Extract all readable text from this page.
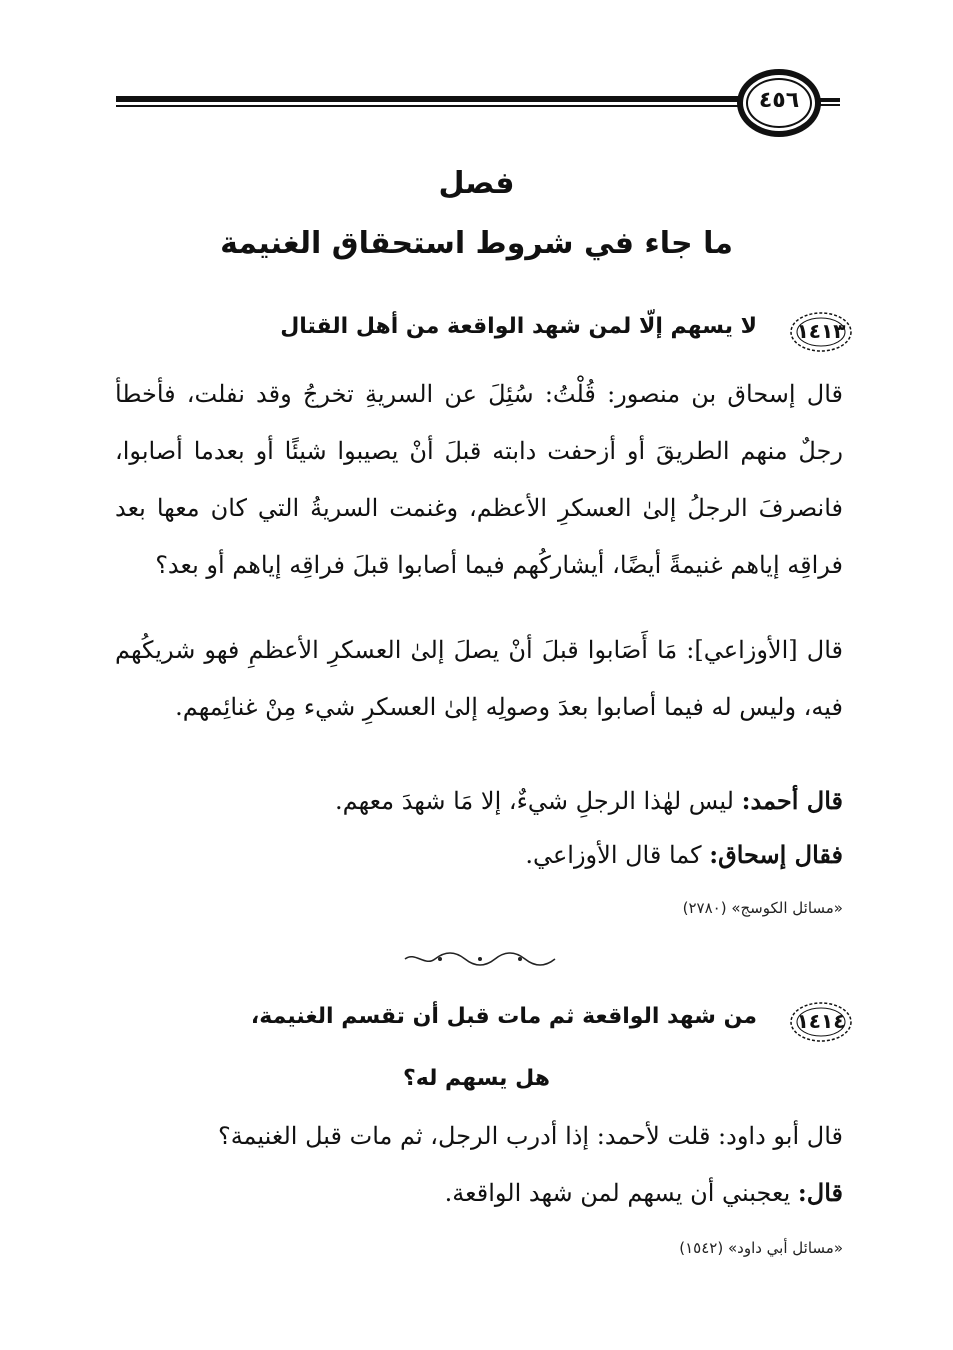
٤٥٦
فصل
ما جاء في شروط استحقاق الغنيمة
١٤١٣
لا يسهم إلّا لمن شهد الواقعة من أهل القتال
قال إسحاق بن منصور: قُلْتُ: سُئِلَ عن السريةِ تخرجُ وقد نفلت، فأخطأ رجلٌ منهم الطريقَ أو أزحفت دابته قبلَ أنْ يصيبوا شيئًا أو بعدما أصابوا، فانصرفَ الرجلُ إلىٰ العسكرِ الأعظم، وغنمت السريةُ التي كان معها بعد فراقِه إياهم غنيمةً أيضًا، أيشاركُهم فيما أصابوا قبلَ فراقِه إياهم أو بعد؟
قال [الأوزاعي]: مَا أَصَابوا قبلَ أنْ يصلَ إلىٰ العسكرِ الأعظمِ فهو شريكُهم فيه، وليس له فيما أصابوا بعدَ وصولِه إلىٰ العسكرِ شيء مِنْ غنائِمهم.
قال أحمد: ليس لهٰذا الرجلِ شيءٌ، إلا مَا شهدَ معهم.
فقال إسحاق: كما قال الأوزاعي.
«مسائل الكوسج» (٢٧٨٠)
١٤١٤
من شهد الواقعة ثم مات قبل أن تقسم الغنيمة،
هل يسهم له؟
قال أبو داود: قلت لأحمد: إذا أدرب الرجل، ثم مات قبل الغنيمة؟
قال: يعجبني أن يسهم لمن شهد الواقعة.
«مسائل أبي داود» (١٥٤٢)
